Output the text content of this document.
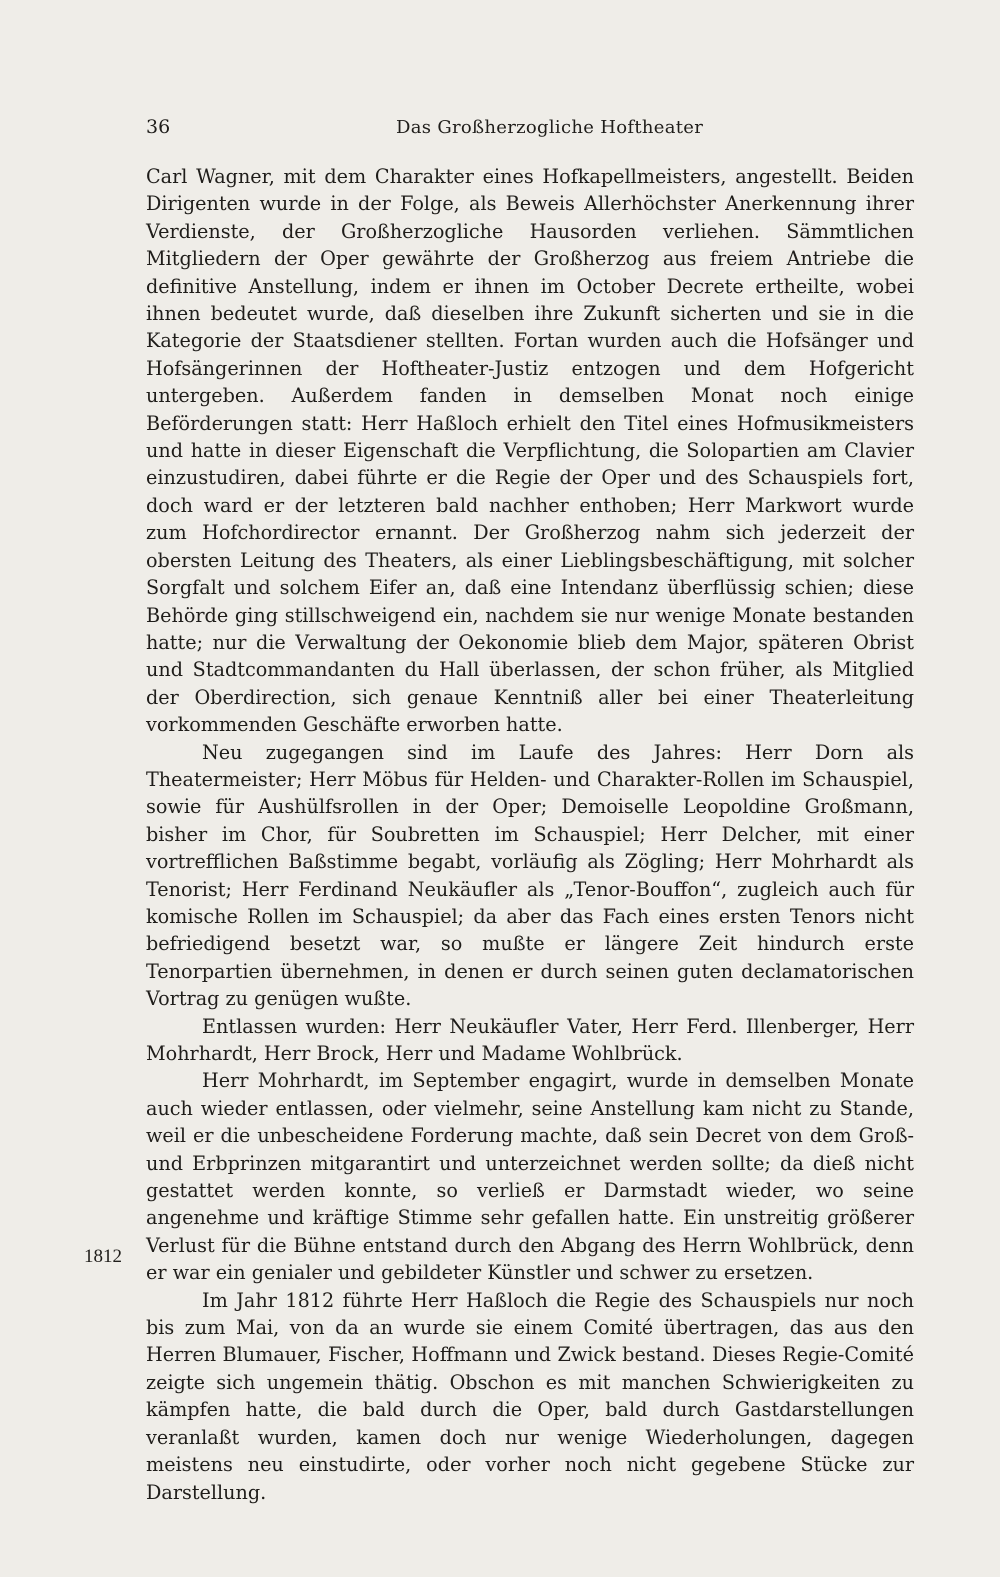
36	Das Großherzogliche Hoftheater
1812

Carl Wagner, mit dem Charakter eines Hofkapellmeisters, angestellt. Beiden Dirigenten wurde in der Folge, als Beweis Allerhöchster Anerkennung ihrer Verdienste, der Großherzogliche Hausorden verliehen. Sämmtlichen Mitgliedern der Oper gewährte der Großherzog aus freiem Antriebe die definitive Anstellung, indem er ihnen im October Decrete ertheilte, wobei ihnen bedeutet wurde, daß dieselben ihre Zukunft sicherten und sie in die Kategorie der Staatsdiener stellten. Fortan wurden auch die Hofsänger und Hofsängerinnen der Hoftheater-Justiz entzogen und dem Hofgericht untergeben. Außerdem fanden in demselben Monat noch einige Beförderungen statt: Herr Haßloch erhielt den Titel eines Hofmusikmeisters und hatte in dieser Eigenschaft die Verpflichtung, die Solopartien am Clavier einzustudiren, dabei führte er die Regie der Oper und des Schauspiels fort, doch ward er der letzteren bald nachher enthoben; Herr Markwort wurde zum Hofchordirector ernannt. Der Großherzog nahm sich jederzeit der obersten Leitung des Theaters, als einer Lieblingsbeschäftigung, mit solcher Sorgfalt und solchem Eifer an, daß eine Intendanz überflüssig schien; diese Behörde ging stillschweigend ein, nachdem sie nur wenige Monate bestanden hatte; nur die Verwaltung der Oekonomie blieb dem Major, späteren Obrist und Stadtcommandanten du Hall überlassen, der schon früher, als Mitglied der Oberdirection, sich genaue Kenntniß aller bei einer Theaterleitung vorkommenden Geschäfte erworben hatte.

Neu zugegangen sind im Laufe des Jahres: Herr Dorn als Theatermeister; Herr Möbus für Helden- und Charakter-Rollen im Schauspiel, sowie für Aushülfsrollen in der Oper; Demoiselle Leopoldine Großmann, bisher im Chor, für Soubretten im Schauspiel; Herr Delcher, mit einer vortrefflichen Baßstimme begabt, vorläufig als Zögling; Herr Mohrhardt als Tenorist; Herr Ferdinand Neukäufler als „Tenor-Bouffon“, zugleich auch für komische Rollen im Schauspiel; da aber das Fach eines ersten Tenors nicht befriedigend besetzt war, so mußte er längere Zeit hindurch erste Tenorpartien übernehmen, in denen er durch seinen guten declamatorischen Vortrag zu genügen wußte.

Entlassen wurden: Herr Neukäufler Vater, Herr Ferd. Illenberger, Herr Mohrhardt, Herr Brock, Herr und Madame Wohlbrück.

Herr Mohrhardt, im September engagirt, wurde in demselben Monate auch wieder entlassen, oder vielmehr, seine Anstellung kam nicht zu Stande, weil er die unbescheidene Forderung machte, daß sein Decret von dem Groß- und Erbprinzen mitgarantirt und unterzeichnet werden sollte; da dieß nicht gestattet werden konnte, so verließ er Darmstadt wieder, wo seine angenehme und kräftige Stimme sehr gefallen hatte. Ein unstreitig größerer Verlust für die Bühne entstand durch den Abgang des Herrn Wohlbrück, denn er war ein genialer und gebildeter Künstler und schwer zu ersetzen.

Im Jahr 1812 führte Herr Haßloch die Regie des Schauspiels nur noch bis zum Mai, von da an wurde sie einem Comité übertragen, das aus den Herren Blumauer, Fischer, Hoffmann und Zwick bestand. Dieses Regie-Comité zeigte sich ungemein thätig. Obschon es mit manchen Schwierigkeiten zu kämpfen hatte, die bald durch die Oper, bald durch Gastdarstellungen veranlaßt wurden, kamen doch nur wenige Wiederholungen, dagegen meistens neu einstudirte, oder vorher noch nicht gegebene Stücke zur Darstellung.
